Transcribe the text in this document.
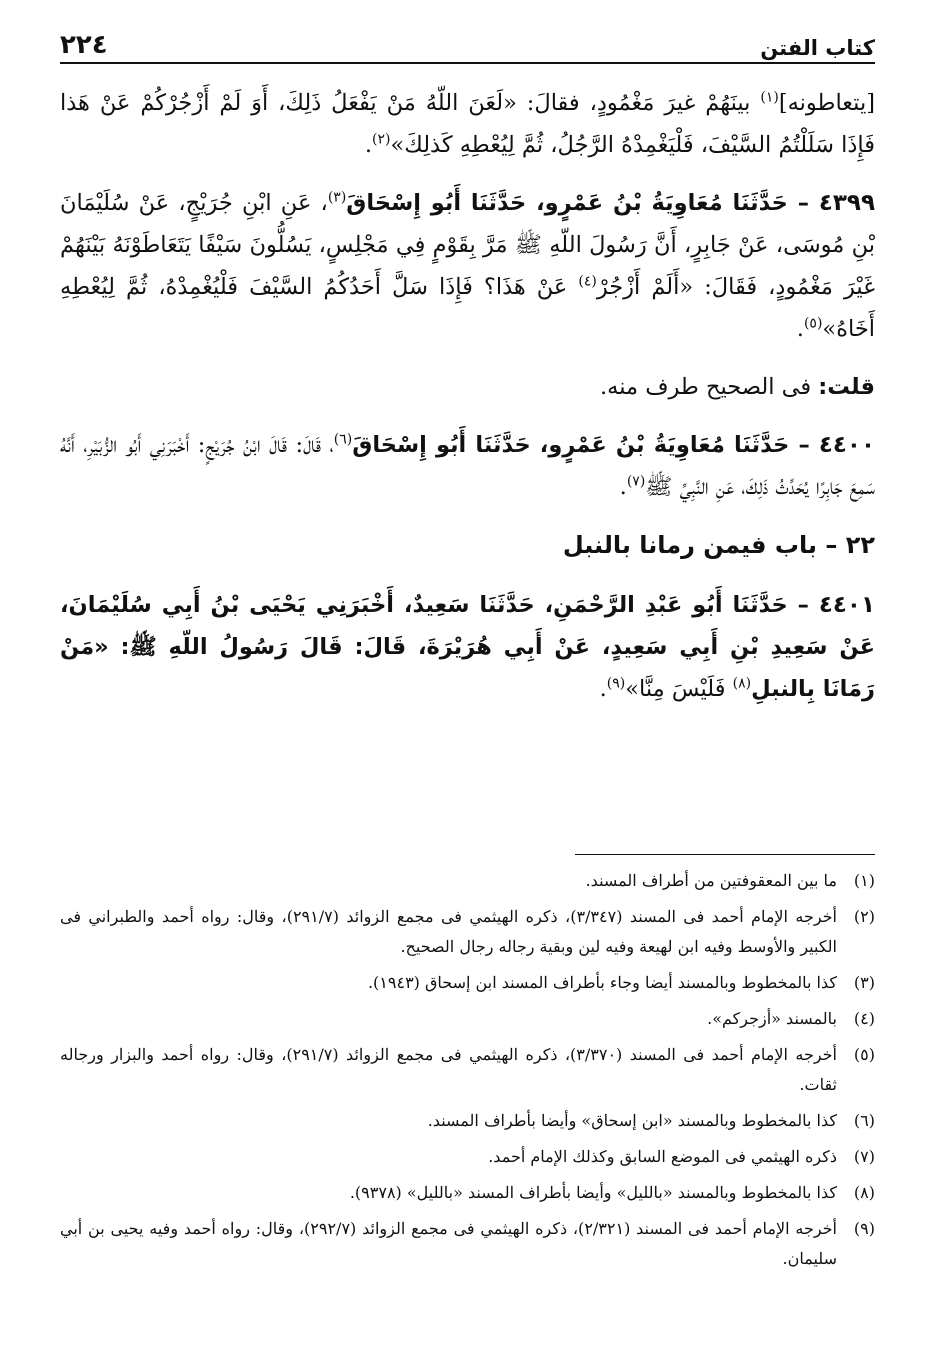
كتاب الفتن
٢٢٤

[يتعاطونه]$^{(١)}$ بينَهُمْ غيرَ مَغْمُودٍ، فقالَ: «لَعَنَ اللّهُ مَنْ يَفْعَلُ ذَلِكَ، أَوَ لَمْ أَزْجُرْكُمْ عَنْ هَذا فَإِذَا سَلَلْتُمُ السَّيْفَ، فَلْيَغْمِدْهُ الرَّجُلُ، ثُمَّ لِيُعْطِهِ كَذلِكَ»$^{(٢)}$.

٤٣٩٩ – حَدَّثَنَا مُعَاوِيَةُ بْنُ عَمْرٍو، حَدَّثَنَا أَبُو إِسْحَاقَ$^{(٣)}$، عَنِ ابْنِ جُرَيْجٍ، عَنْ سُلَيْمَانَ بْنِ مُوسَى، عَنْ جَابِرٍ، أَنَّ رَسُولَ اللّهِ ﷺ مَرَّ بِقَوْمٍ فِي مَجْلِسٍ، يَسُلُّونَ سَيْفًا يَتَعَاطَوْنَهُ بَيْنَهُمْ غَيْرَ مَغْمُودٍ، فَقَالَ: «أَلَمْ أَزْجُرْ$^{(٤)}$ عَنْ هَذَا؟ فَإِذَا سَلَّ أَحَدُكُمُ السَّيْفَ فَلْيُغْمِدْهُ، ثُمَّ لِيُعْطِهِ أَخَاهُ»$^{(٥)}$.

قلت: فى الصحيح طرف منه.

٤٤٠٠ – حَدَّثَنَا مُعَاوِيَةُ بْنُ عَمْرٍو، حَدَّثَنَا أَبُو إِسْحَاقَ$^{(٦)}$، قَالَ: قَالَ ابْنُ جُرَيْجٍ: أَخْبَرَنِي أَبُو الزُّبَيْرِ، أَنَّهُ سَمِعَ جَابِرًا يُحَدِّثُ ذَلِكَ، عَنِ النَّبِيِّ ﷺ$^{(٧)}$.

٢٢ – باب فيمن رمانا بالنبل

٤٤٠١ – حَدَّثَنَا أَبُو عَبْدِ الرَّحْمَنِ، حَدَّثَنَا سَعِيدٌ، أَخْبَرَنِي يَحْيَى بْنُ أَبِي سُلَيْمَانَ، عَنْ سَعِيدِ بْنِ أَبِي سَعِيدٍ، عَنْ أَبِي هُرَيْرَةَ، قَالَ: قَالَ رَسُولُ اللّهِ ﷺ: «مَنْ رَمَانَا بِالنبلِ$^{(٨)}$ فَلَيْسَ مِنَّا»$^{(٩)}$.

(١)ما بين المعقوفتين من أطراف المسند.

(٢)أخرجه الإمام أحمد فى المسند (٣/٣٤٧)، ذكره الهيثمي فى مجمع الزوائد (٢٩١/٧)، وقال: رواه أحمد والطبراني فى الكبير والأوسط وفيه ابن لهيعة وفيه لين وبقية رجاله رجال الصحيح.

(٣)كذا بالمخطوط وبالمسند أيضا وجاء بأطراف المسند ابن إسحاق (١٩٤٣).

(٤)بالمسند «أزجركم».

(٥)أخرجه الإمام أحمد فى المسند (٣/٣٧٠)، ذكره الهيثمي فى مجمع الزوائد (٢٩١/٧)، وقال: رواه أحمد والبزار ورجاله ثقات.

(٦)كذا بالمخطوط وبالمسند «ابن إسحاق» وأيضا بأطراف المسند.

(٧)ذكره الهيثمي فى الموضع السابق وكذلك الإمام أحمد.

(٨)كذا بالمخطوط وبالمسند «بالليل» وأيضا بأطراف المسند «بالليل» (٩٣٧٨).

(٩)أخرجه الإمام أحمد فى المسند (٢/٣٢١)، ذكره الهيثمي فى مجمع الزوائد (٢٩٢/٧)، وقال: رواه أحمد وفيه يحيى بن أبي سليمان.
